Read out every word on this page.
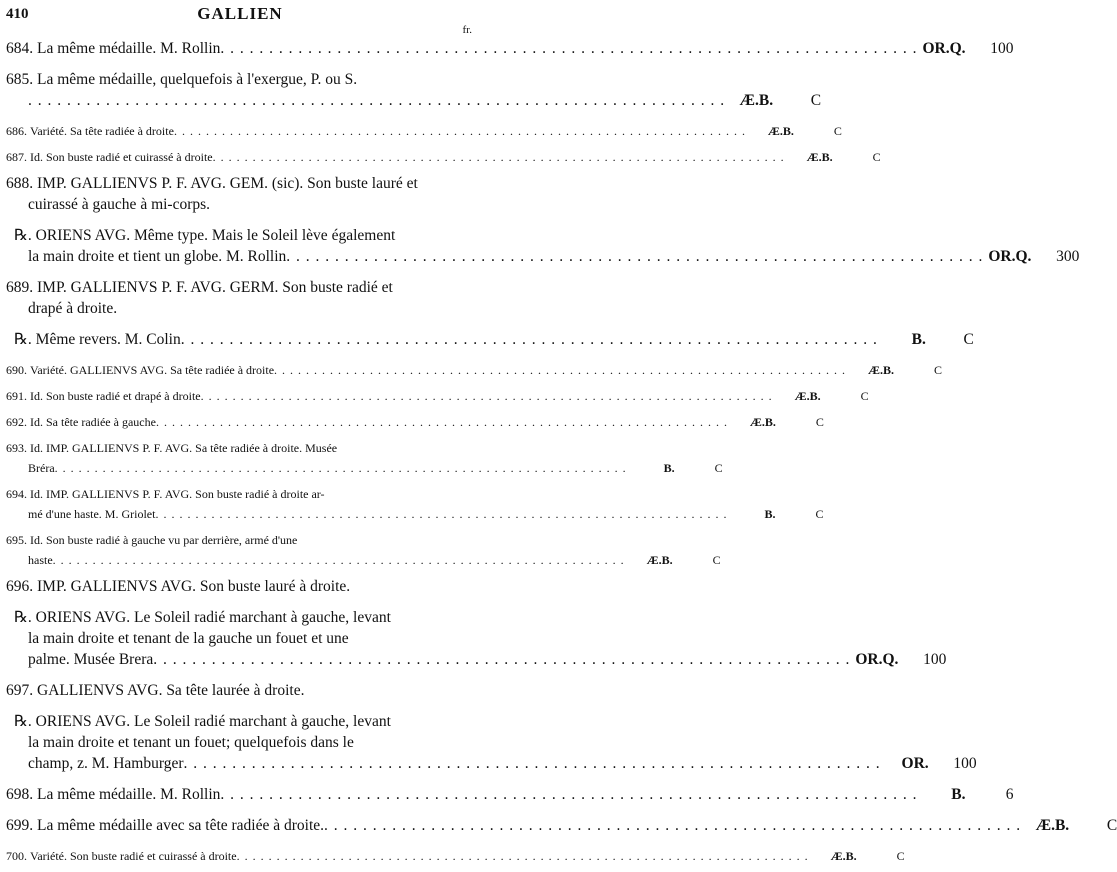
410	GALLIEN
fr.
684.
La même médaille. M. Rollin . . .	OR.Q.	100
685.
La même médaille, quelquefois à l'exergue, P. ou S.
. . .
Æ.B.	C
686.
Variété. Sa tête radiée à droite . . .	Æ.B.	C
687.
Id. Son buste radié et cuirassé à droite . . .	Æ.B.	C
688.
IMP. GALLIENVS P. F. AVG. GEM. (sic). Son buste lauré et
cuirassé à gauche à mi-corps.
℞.
ORIENS AVG. Même type. Mais le Soleil lève également
la main droite et tient un globe. M. Rollin . . .	OR.Q.	300
689.
IMP. GALLIENVS P. F. AVG. GERM. Son buste radié et
drapé à droite.
℞.
Même revers. M. Colin . . .	B.	C
690.
Variété. GALLIENVS AVG. Sa tête radiée à droite . . .	Æ.B.	C
691.
Id. Son buste radié et drapé à droite . . .	Æ.B.	C
692.
Id. Sa tête radiée à gauche . . .	Æ.B.	C
693.
Id. IMP. GALLIENVS P. F. AVG. Sa tête radiée à droite. Musée
Bréra . . .	B.	C
694.
Id. IMP. GALLIENVS P. F. AVG. Son buste radié à droite ar-
mé d'une haste. M. Griolet . . .	B.	C
695.
Id. Son buste radié à gauche vu par derrière, armé d'une
haste . . .	Æ.B.	C
696.
IMP. GALLIENVS AVG. Son buste lauré à droite.
℞.
ORIENS AVG. Le Soleil radié marchant à gauche, levant
la main droite et tenant de la gauche un fouet et une
palme. Musée Brera . . .	OR.Q.	100
697.
GALLIENVS AVG. Sa tête laurée à droite.
℞.
ORIENS AVG. Le Soleil radié marchant à gauche, levant
la main droite et tenant un fouet; quelquefois dans le
champ, z. M. Hamburger . . .	OR.	100
698.
La même médaille. M. Rollin . . .	B.	6
699.
La même médaille avec sa tête radiée à droite. . . .	Æ.B.	C
700.
Variété. Son buste radié et cuirassé à droite . . .	Æ.B.	C
